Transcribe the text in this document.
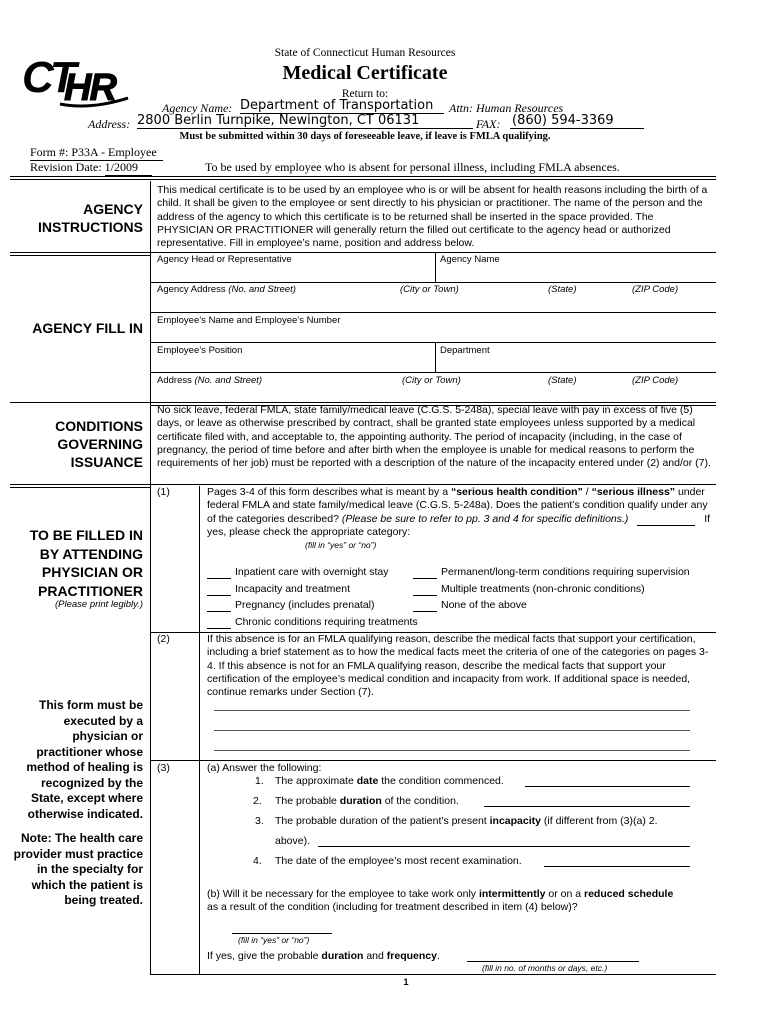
CT
HR
State of Connecticut Human Resources
Medical Certificate
Return to:
Agency Name: Department of Transportation	Attn: Human Resources
Address: 2800 Berlin Turnpike, Newington, CT 06131	FAX: (860) 594-3369
Must be submitted within 30 days of foreseeable leave, if leave is FMLA qualifying.
Form #: P33A - Employee
Revision Date: 1/2009	To be used by employee who is absent for personal illness, including FMLA absences.
AGENCY
INSTRUCTIONS
This medical certificate is to be used by an employee who is or will be absent for health reasons including the birth of a child. It shall be given to the employee or sent directly to his physician or practitioner. The name of the person and the address of the agency to which this certificate is to be returned shall be inserted in the space provided. The PHYSICIAN OR PRACTITIONER will generally return the filled out certificate to the agency head or authorized representative. Fill in employee’s name, position and address below.
AGENCY FILL IN
Agency Head or Representative	Agency Name
Agency Address (No. and Street)	(City or Town)	(State)	(ZIP Code)
Employee’s Name and Employee’s Number
Employee’s Position	Department
Address (No. and Street)	(City or Town)	(State)	(ZIP Code)
CONDITIONS
GOVERNING
ISSUANCE
No sick leave, federal FMLA, state family/medical leave (C.G.S. 5-248a), special leave with pay in excess of five (5) days, or leave as otherwise prescribed by contract, shall be granted state employees unless supported by a medical certificate filed with, and acceptable to, the appointing authority. The period of incapacity (including, in the case of pregnancy, the period of time before and after birth when the employee is unable for medical reasons to perform the requirements of her job) must be reported with a description of the nature of the incapacity entered under (2) and/or (7).
TO BE FILLED IN
BY ATTENDING
PHYSICIAN OR
PRACTITIONER
(Please print legibly.)
This form must be executed by a physician or practitioner whose method of healing is recognized by the State, except where otherwise indicated.
Note: The health care provider must practice in the specialty for which the patient is being treated.
(1)	Pages 3-4 of this form describes what is meant by a “serious health condition” / “serious illness” under federal FMLA and state family/medical leave (C.G.S. 5-248a). Does the patient’s condition qualify under any of the categories described? (Please be sure to refer to pp. 3 and 4 for specific definitions.)	If yes, please check the appropriate category:
(fill in “yes” or “no”)
Inpatient care with overnight stay	Permanent/long-term conditions requiring supervision
Incapacity and treatment	Multiple treatments (non-chronic conditions)
Pregnancy (includes prenatal)	None of the above
Chronic conditions requiring treatments
(2)	If this absence is for an FMLA qualifying reason, describe the medical facts that support your certification, including a brief statement as to how the medical facts meet the criteria of one of the categories on pages 3-4. If this absence is not for an FMLA qualifying reason, describe the medical facts that support your certification of the employee’s medical condition and incapacity from work. If additional space is needed, continue remarks under Section (7).
(3)	(a) Answer the following:
1. The approximate date the condition commenced.
2. The probable duration of the condition.
3. The probable duration of the patient’s present incapacity (if different from (3)(a) 2.
above).
4. The date of the employee’s most recent examination.
(b) Will it be necessary for the employee to take work only intermittently or on a reduced schedule as a result of the condition (including for treatment described in item (4) below)?
(fill in “yes” or “no”)
If yes, give the probable duration and frequency.
(fill in no. of months or days, etc.)
1
